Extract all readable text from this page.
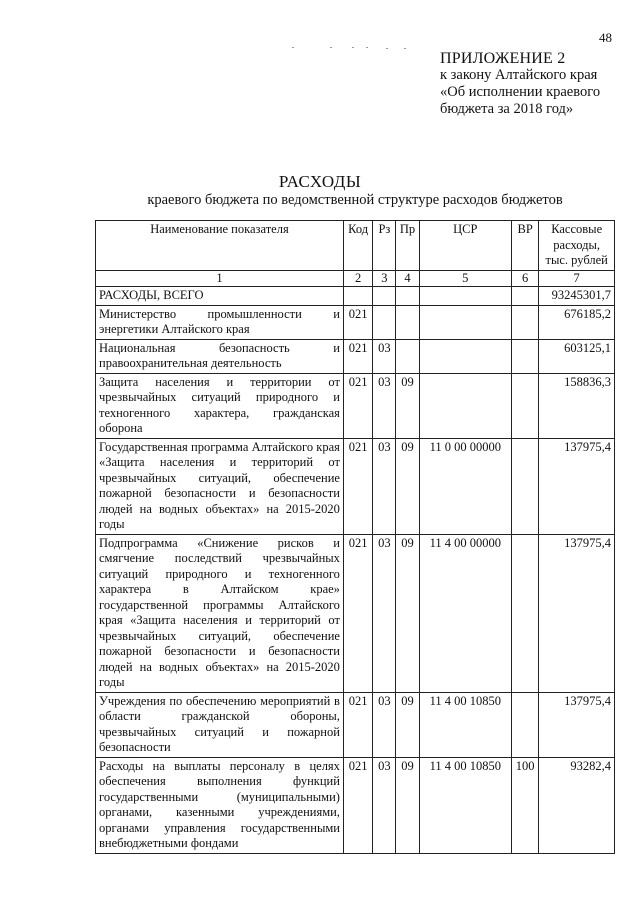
48
ПРИЛОЖЕНИЕ 2
к закону Алтайского края
«Об исполнении краевого
бюджета за 2018 год»
РАСХОДЫ
краевого бюджета по ведомственной структуре расходов бюджетов
Наименование показателя	Код	Рз	Пр	ЦСР	ВР	Кассовые расходы, тыс. рублей
1	2	3	4	5	6	7
РАСХОДЫ, ВСЕГО						93245301,7
Министерство промышленности и энергетики Алтайского края	021					676185,2
Национальная безопасность и правоохранительная деятельность	021	03				603125,1
Защита населения и территории от чрезвычайных ситуаций природного и техногенного характера, гражданская оборона	021	03	09			158836,3
Государственная программа Алтайского края «Защита населения и территорий от чрезвычайных ситуаций, обеспечение пожарной безопасности и безопасности людей на водных объектах» на 2015-2020 годы	021	03	09	11 0 00 00000		137975,4
Подпрограмма «Снижение рисков и смягчение последствий чрезвычайных ситуаций природного и техногенного характера в Алтайском крае» государственной программы Алтайского края «Защита населения и территорий от чрезвычайных ситуаций, обеспечение пожарной безопасности и безопасности людей на водных объектах» на 2015-2020 годы	021	03	09	11 4 00 00000		137975,4
Учреждения по обеспечению мероприятий в области гражданской обороны, чрезвычайных ситуаций и пожарной безопасности	021	03	09	11 4 00 10850		137975,4
Расходы на выплаты персоналу в целях обеспечения выполнения функций государственными (муниципальными) органами, казенными учреждениями, органами управления государственными внебюджетными фондами	021	03	09	11 4 00 10850	100	93282,4
